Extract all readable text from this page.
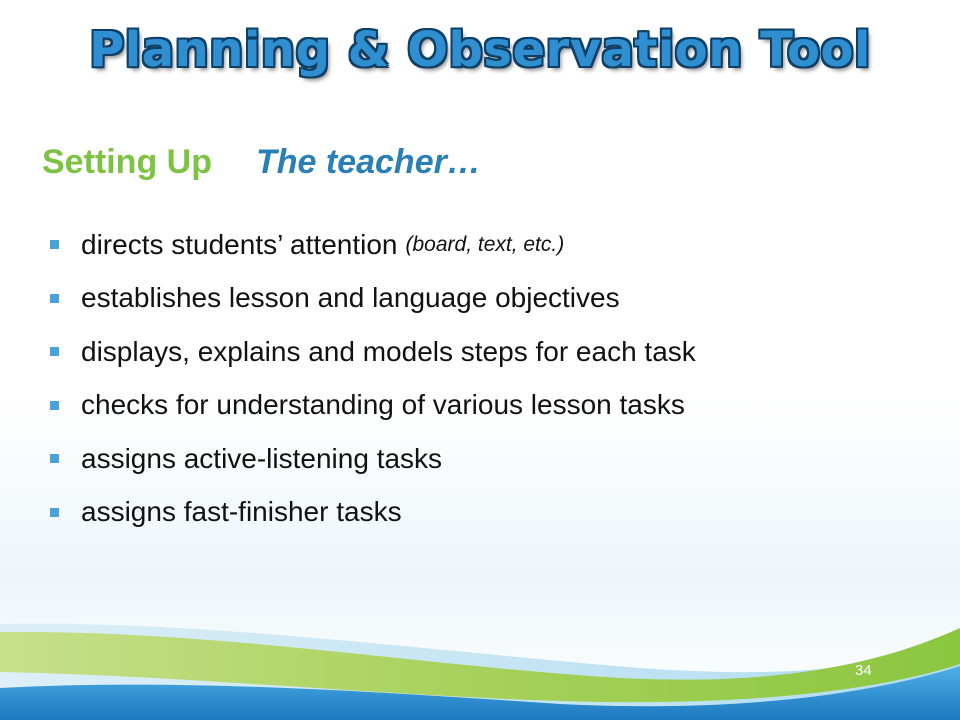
Planning & Observation Tool
Setting Up The teacher…
directs students’ attention (board, text, etc.)
establishes lesson and language objectives
displays, explains and models steps for each task
checks for understanding of various lesson tasks
assigns active-listening tasks
assigns fast-finisher tasks
34
